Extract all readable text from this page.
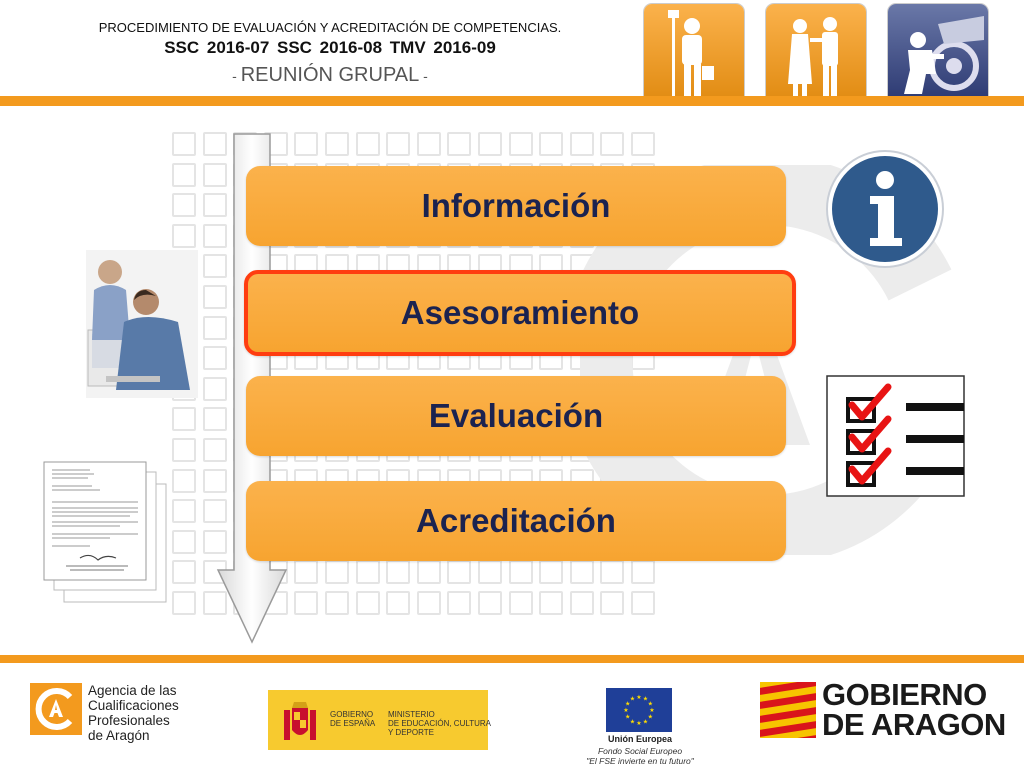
PROCEDIMIENTO DE EVALUACIÓN Y ACREDITACIÓN DE COMPETENCIAS.
SSC 2016-07 SSC 2016-08 TMV 2016-09
- REUNIÓN GRUPAL -
Información
Asesoramiento
Evaluación
Acreditación
Agencia de las
Cualificaciones
Profesionales
de Aragón
GOBIERNO
DE ESPAÑA
MINISTERIO
DE EDUCACIÓN, CULTURA
Y DEPORTE
★ ★
★
★
★
★
★
★
★
★
★
★
Unión Europea
Fondo Social Europeo
"El FSE invierte en tu futuro"
GOBIERNO
DE ARAGON
